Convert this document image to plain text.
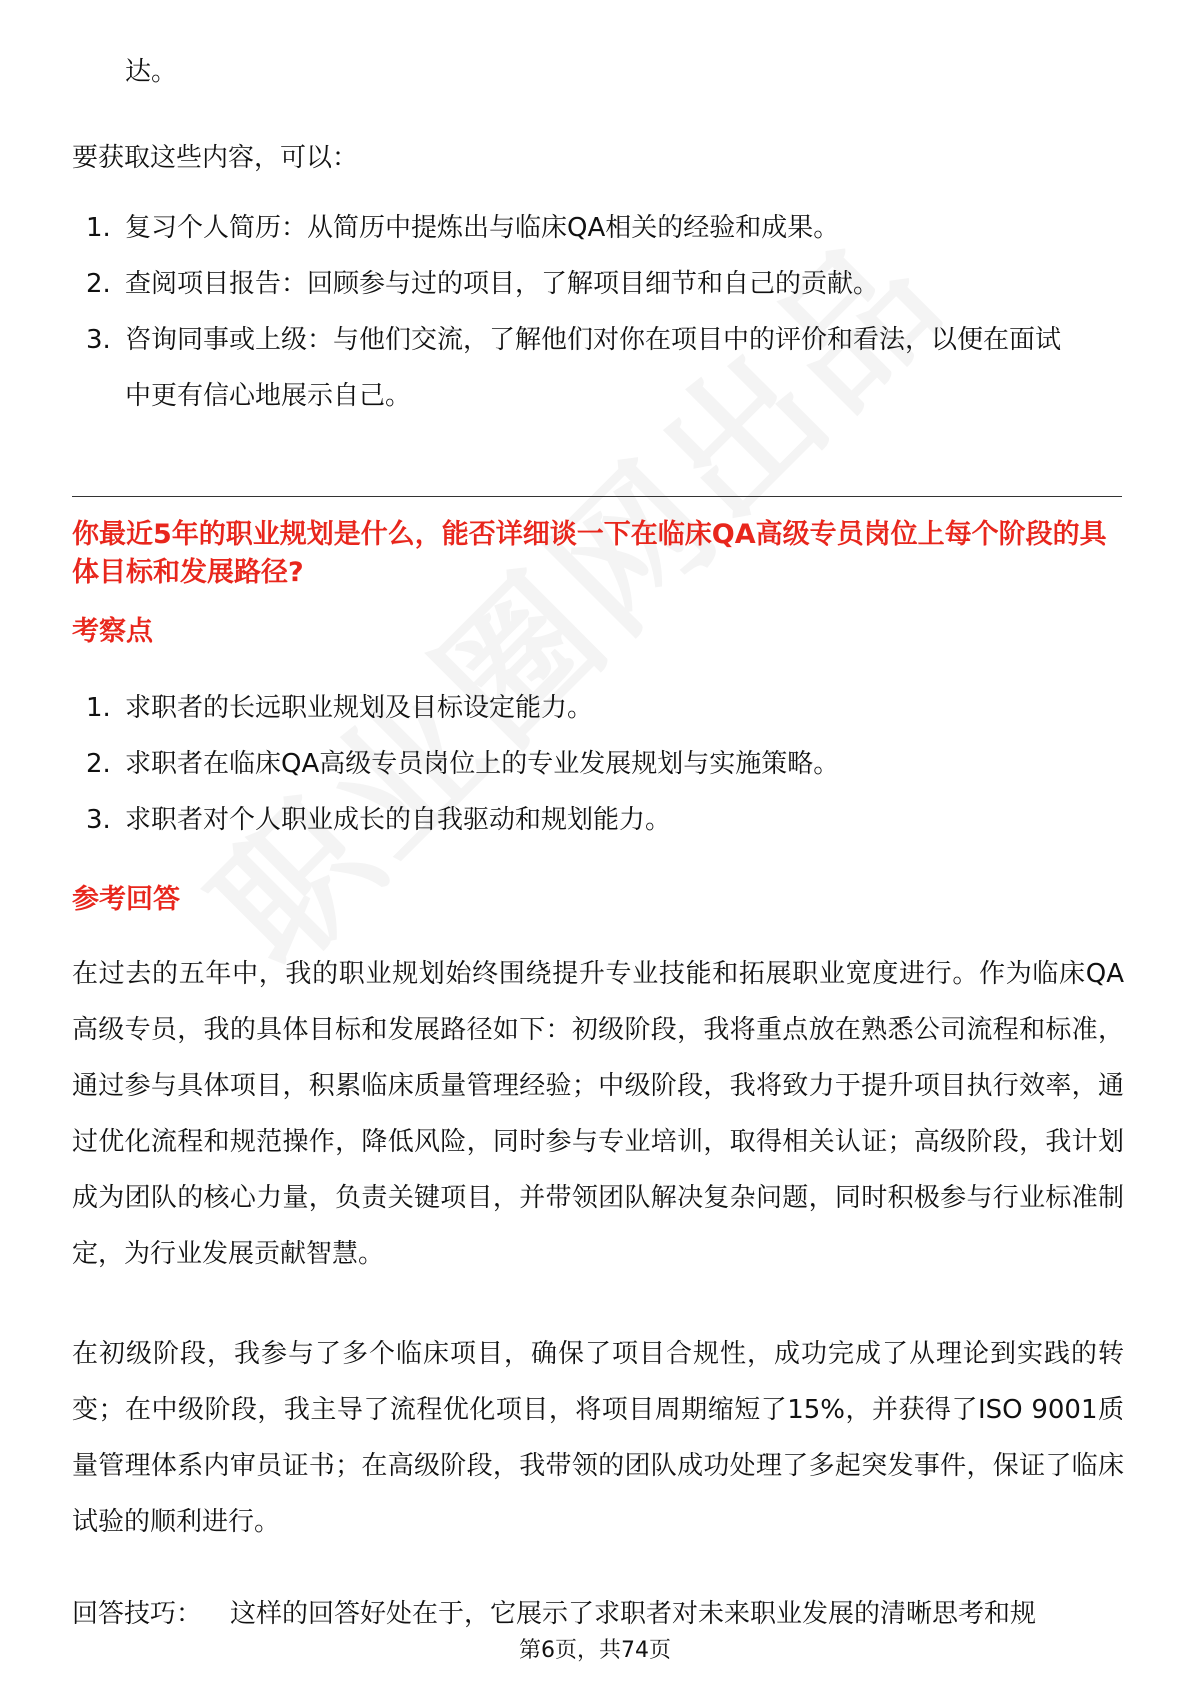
达。
要获取这些内容，可以：
1. 复习个人简历：从简历中提炼出与临床QA相关的经验和成果。
2. 查阅项目报告：回顾参与过的项目，了解项目细节和自己的贡献。
3. 咨询同事或上级：与他们交流，了解他们对你在项目中的评价和看法，以便在面试中更有信心地展示自己。
你最近5年的职业规划是什么，能否详细谈一下在临床QA高级专员岗位上每个阶段的具体目标和发展路径?
考察点
1. 求职者的长远职业规划及目标设定能力。
2. 求职者在临床QA高级专员岗位上的专业发展规划与实施策略。
3. 求职者对个人职业成长的自我驱动和规划能力。
参考回答
在过去的五年中，我的职业规划始终围绕提升专业技能和拓展职业宽度进行。作为临床QA高级专员，我的具体目标和发展路径如下：初级阶段，我将重点放在熟悉公司流程和标准，通过参与具体项目，积累临床质量管理经验；中级阶段，我将致力于提升项目执行效率，通过优化流程和规范操作，降低风险，同时参与专业培训，取得相关认证；高级阶段，我计划成为团队的核心力量，负责关键项目，并带领团队解决复杂问题，同时积极参与行业标准制定，为行业发展贡献智慧。
在初级阶段，我参与了多个临床项目，确保了项目合规性，成功完成了从理论到实践的转变；在中级阶段，我主导了流程优化项目，将项目周期缩短了15%，并获得了ISO 9001质量管理体系内审员证书；在高级阶段，我带领的团队成功处理了多起突发事件，保证了临床试验的顺利进行。
回答技巧： 这样的回答好处在于，它展示了求职者对未来职业发展的清晰思考和规
第6页，共74页
